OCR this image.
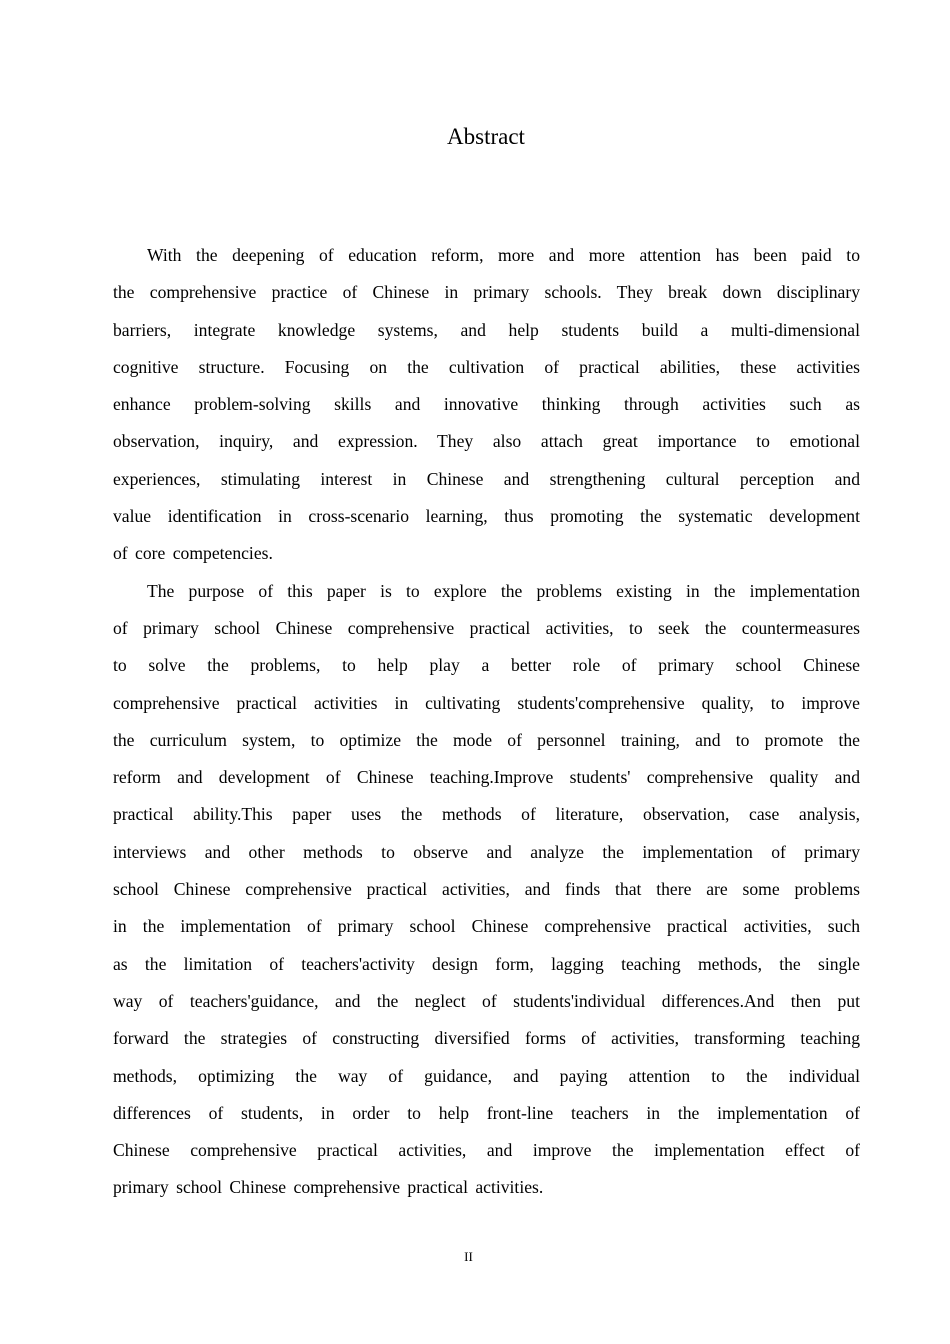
Abstract
With the deepening of education reform, more and more attention has been paid to
the comprehensive practice of Chinese in primary schools. They break down disciplinary
barriers, integrate knowledge systems, and help students build a multi-dimensional
cognitive structure. Focusing on the cultivation of practical abilities, these activities
enhance problem-solving skills and innovative thinking through activities such as
observation, inquiry, and expression. They also attach great importance to emotional
experiences, stimulating interest in Chinese and strengthening cultural perception and
value identification in cross-scenario learning, thus promoting the systematic development
of core competencies.
The purpose of this paper is to explore the problems existing in the implementation
of primary school Chinese comprehensive practical activities, to seek the countermeasures
to solve the problems, to help play a better role of primary school Chinese
comprehensive practical activities in cultivating students'comprehensive quality, to improve
the curriculum system, to optimize the mode of personnel training, and to promote the
reform and development of Chinese teaching.Improve students' comprehensive quality and
practical ability.This paper uses the methods of literature, observation, case analysis,
interviews and other methods to observe and analyze the implementation of primary
school Chinese comprehensive practical activities, and finds that there are some problems
in the implementation of primary school Chinese comprehensive practical activities, such
as the limitation of teachers'activity design form, lagging teaching methods, the single
way of teachers'guidance, and the neglect of students'individual differences.And then put
forward the strategies of constructing diversified forms of activities, transforming teaching
methods, optimizing the way of guidance, and paying attention to the individual
differences of students, in order to help front-line teachers in the implementation of
Chinese comprehensive practical activities, and improve the implementation effect of
primary school Chinese comprehensive practical activities.
II
